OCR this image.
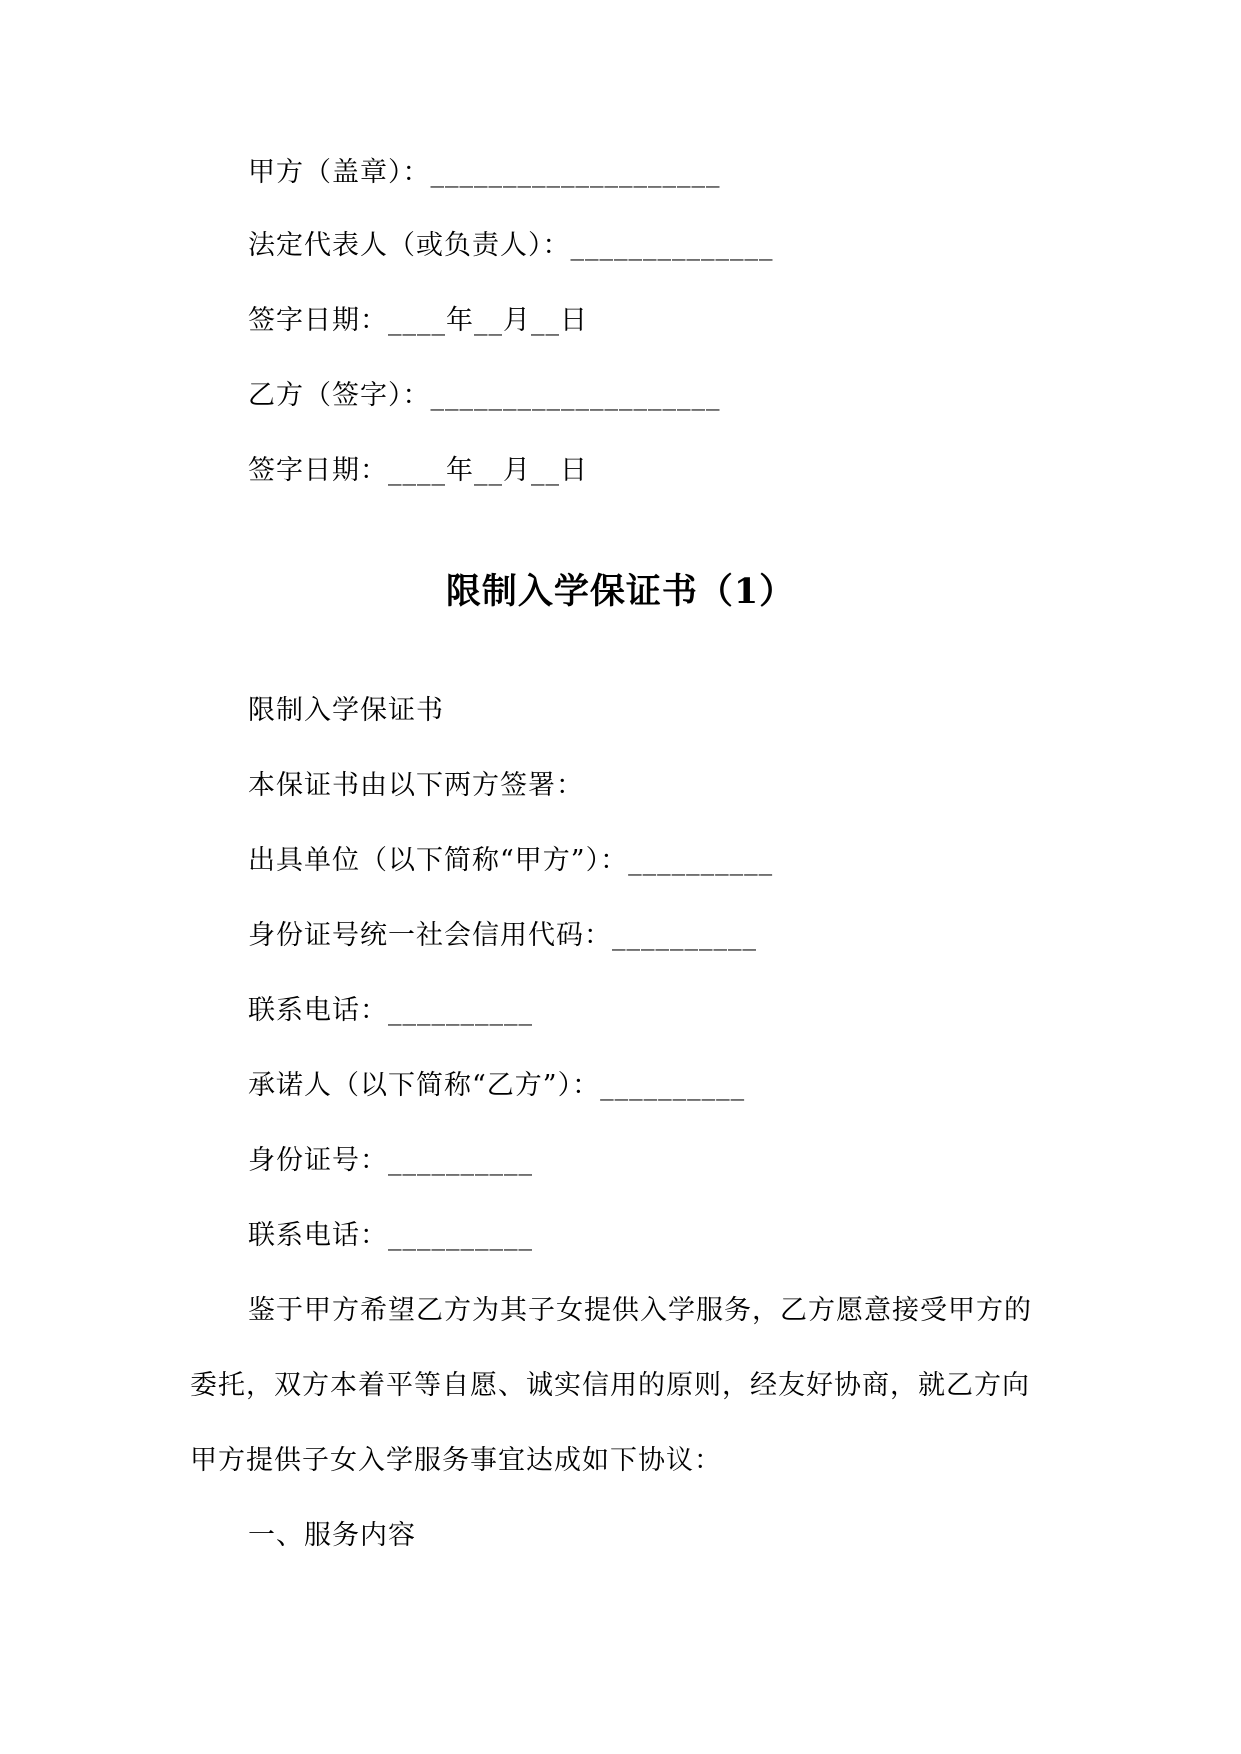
甲方（盖章）：____________________
法定代表人（或负责人）：______________
签字日期：____年__月__日
乙方（签字）：____________________
签字日期：____年__月__日
限制入学保证书（1）
限制入学保证书
本保证书由以下两方签署：
出具单位（以下简称“甲方”）：__________
身份证号统一社会信用代码：__________
联系电话：__________
承诺人（以下简称“乙方”）：__________
身份证号：__________
联系电话：__________
鉴于甲方希望乙方为其子女提供入学服务，乙方愿意接受甲方的
委托，双方本着平等自愿、诚实信用的原则，经友好协商，就乙方向
甲方提供子女入学服务事宜达成如下协议：
一、服务内容
